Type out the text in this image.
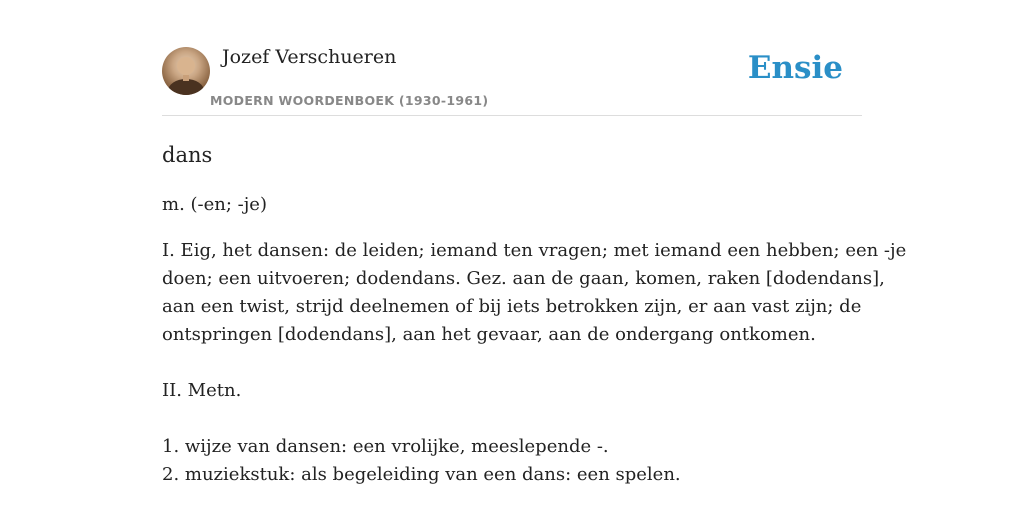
Jozef Verschueren
MODERN WOORDENBOEK (1930-1961)
Ensie
dans
m. (-en; -je)
I. Eig, het dansen: de leiden; iemand ten vragen; met iemand een hebben; een -je
doen; een uitvoeren; dodendans. Gez. aan de gaan, komen, raken [dodendans],
aan een twist, strijd deelnemen of bij iets betrokken zijn, er aan vast zijn; de
ontspringen [dodendans], aan het gevaar, aan de ondergang ontkomen.
II. Metn.
1. wijze van dansen: een vrolijke, meeslepende -.
2. muziekstuk: als begeleiding van een dans: een spelen.
